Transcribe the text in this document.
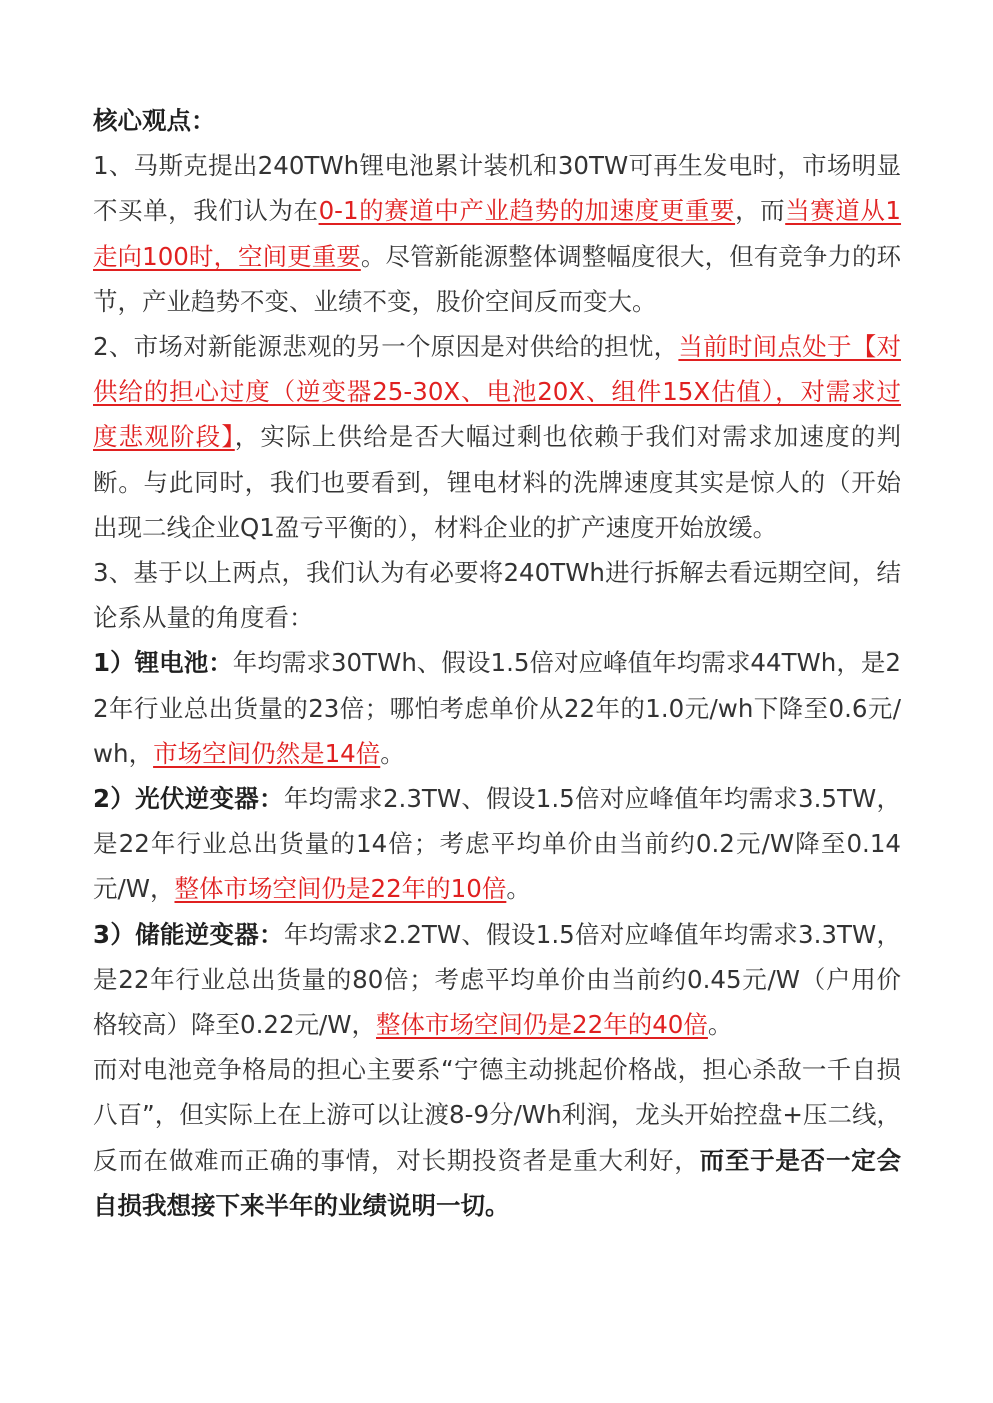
核心观点：

1、马斯克提出240TWh锂电池累计装机和30TW可再生发电时，市场明显不买单，我们认为在0-1的赛道中产业趋势的加速度更重要，而当赛道从1走向100时，空间更重要。尽管新能源整体调整幅度很大，但有竞争力的环节，产业趋势不变、业绩不变，股价空间反而变大。

2、市场对新能源悲观的另一个原因是对供给的担忧，当前时间点处于【对供给的担心过度（逆变器25-30X、电池20X、组件15X估值），对需求过度悲观阶段】，实际上供给是否大幅过剩也依赖于我们对需求加速度的判断。与此同时，我们也要看到，锂电材料的洗牌速度其实是惊人的（开始出现二线企业Q1盈亏平衡的），材料企业的扩产速度开始放缓。

3、基于以上两点，我们认为有必要将240TWh进行拆解去看远期空间，结论系从量的角度看：

1）锂电池：年均需求30TWh、假设1.5倍对应峰值年均需求44TWh，是22年行业总出货量的23倍；哪怕考虑单价从22年的1.0元/wh下降至0.6元/wh，市场空间仍然是14倍。

2）光伏逆变器：年均需求2.3TW、假设1.5倍对应峰值年均需求3.5TW，是22年行业总出货量的14倍；考虑平均单价由当前约0.2元/W降至0.14元/W，整体市场空间仍是22年的10倍。

3）储能逆变器：年均需求2.2TW、假设1.5倍对应峰值年均需求3.3TW，是22年行业总出货量的80倍；考虑平均单价由当前约0.45元/W（户用价格较高）降至0.22元/W，整体市场空间仍是22年的40倍。

而对电池竞争格局的担心主要系“宁德主动挑起价格战，担心杀敌一千自损八百”，但实际上在上游可以让渡8-9分/Wh利润，龙头开始控盘+压二线，反而在做难而正确的事情，对长期投资者是重大利好，而至于是否一定会自损我想接下来半年的业绩说明一切。
